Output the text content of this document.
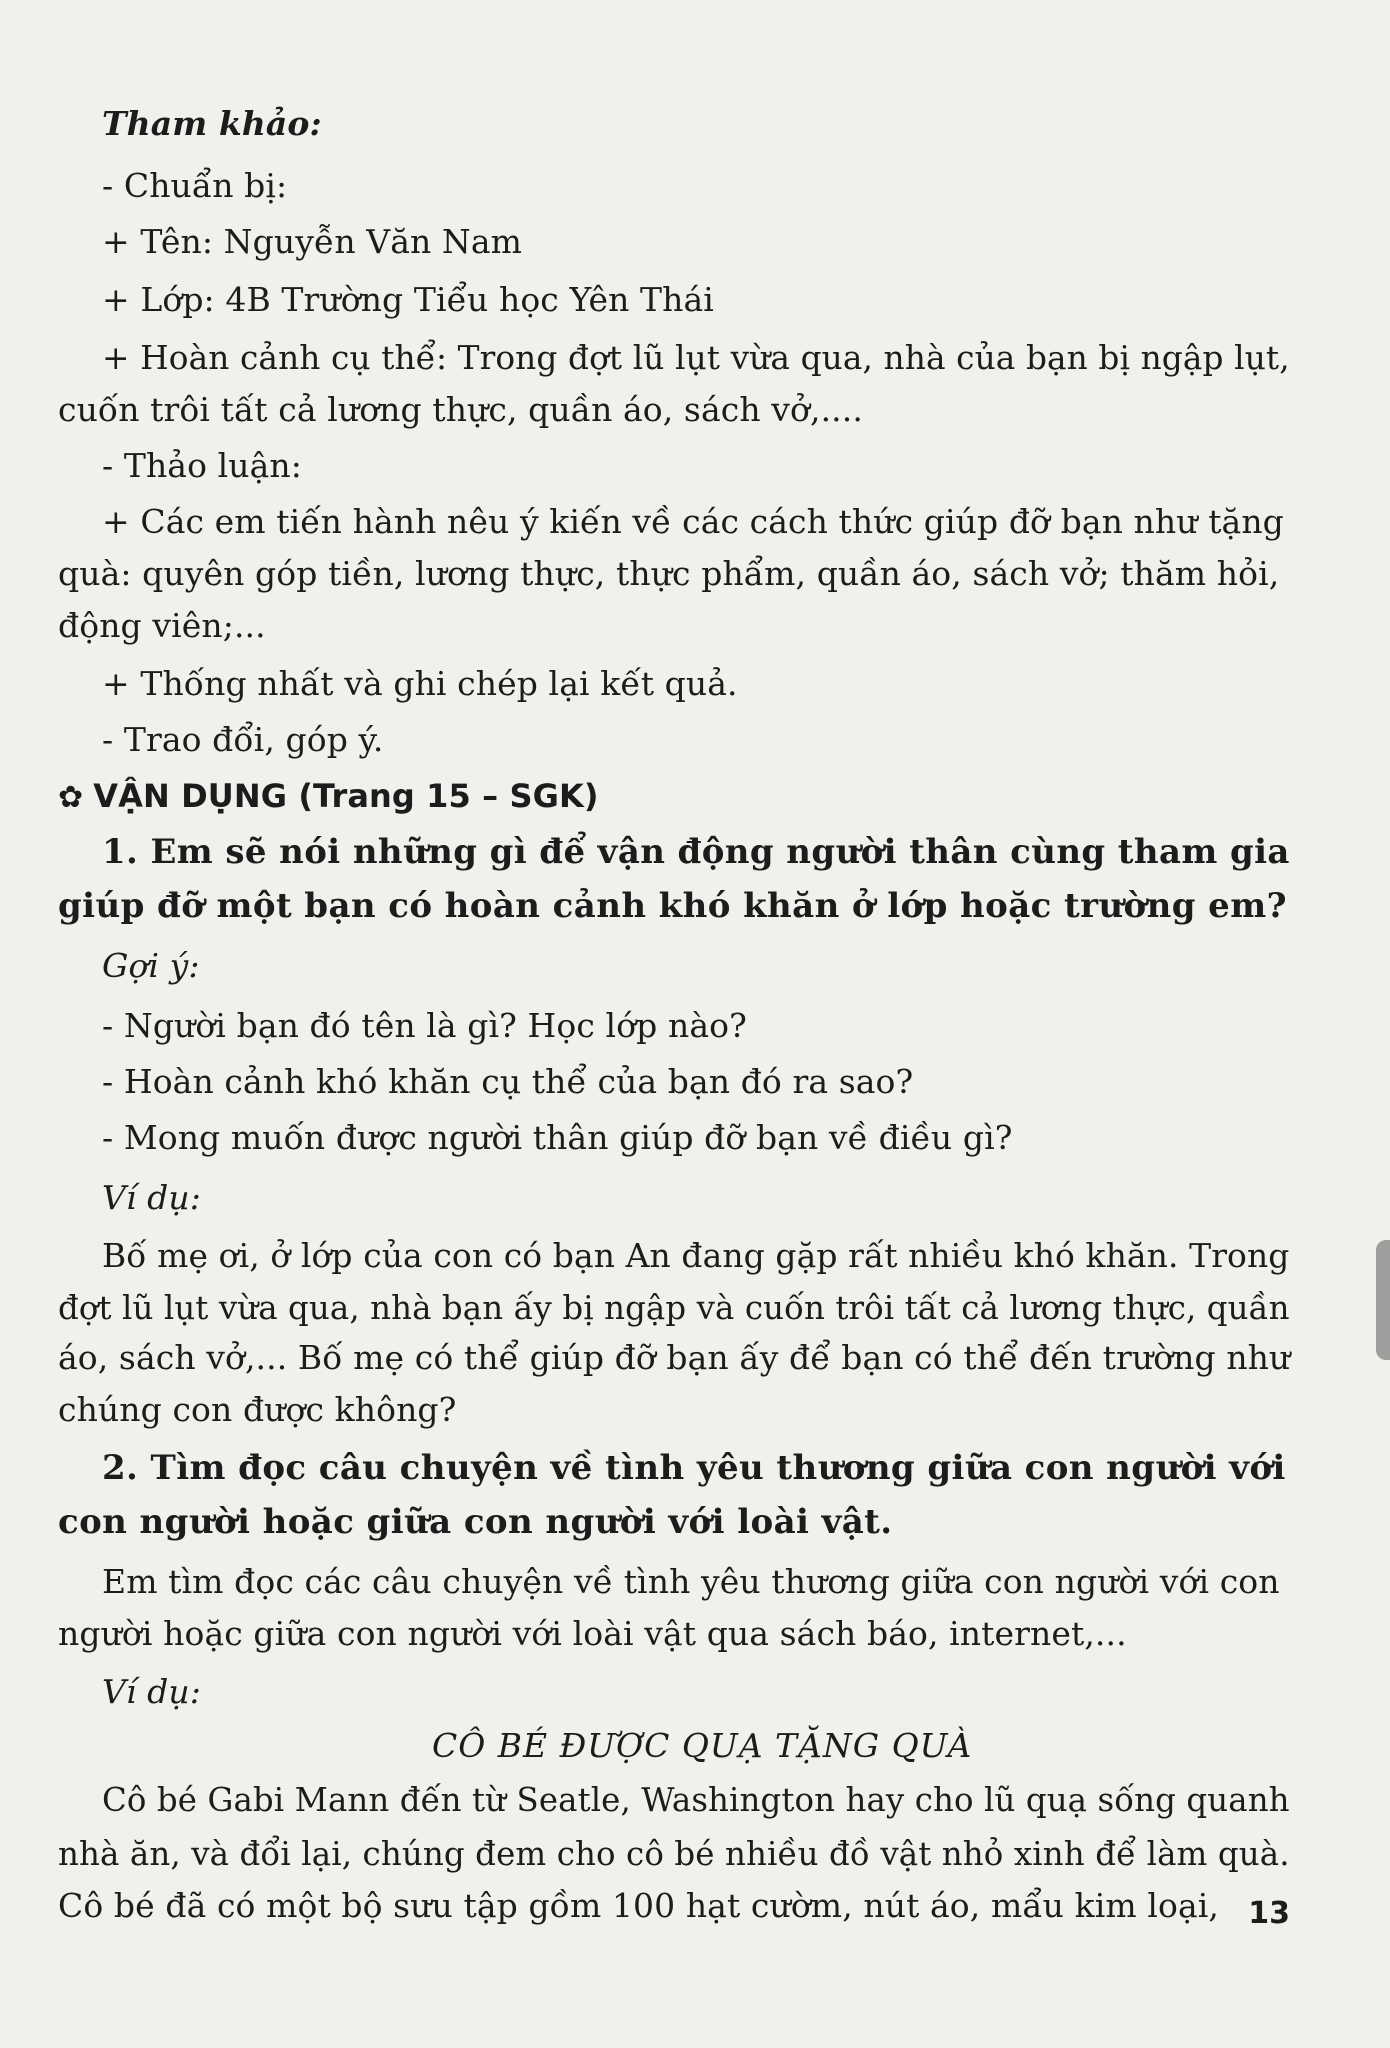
Tham khảo:
- Chuẩn bị:
+ Tên: Nguyễn Văn Nam
+ Lớp: 4B Trường Tiểu học Yên Thái
+ Hoàn cảnh cụ thể: Trong đợt lũ lụt vừa qua, nhà của bạn bị ngập lụt,
cuốn trôi tất cả lương thực, quần áo, sách vở,....
- Thảo luận:
+ Các em tiến hành nêu ý kiến về các cách thức giúp đỡ bạn như tặng
quà: quyên góp tiền, lương thực, thực phẩm, quần áo, sách vở; thăm hỏi,
động viên;...
+ Thống nhất và ghi chép lại kết quả.
- Trao đổi, góp ý.
✿ VẬN DỤNG (Trang 15 – SGK)
1. Em sẽ nói những gì để vận động người thân cùng tham gia
giúp đỡ một bạn có hoàn cảnh khó khăn ở lớp hoặc trường em?
Gợi ý:
- Người bạn đó tên là gì? Học lớp nào?
- Hoàn cảnh khó khăn cụ thể của bạn đó ra sao?
- Mong muốn được người thân giúp đỡ bạn về điều gì?
Ví dụ:
Bố mẹ ơi, ở lớp của con có bạn An đang gặp rất nhiều khó khăn. Trong
đợt lũ lụt vừa qua, nhà bạn ấy bị ngập và cuốn trôi tất cả lương thực, quần
áo, sách vở,... Bố mẹ có thể giúp đỡ bạn ấy để bạn có thể đến trường như
chúng con được không?
2. Tìm đọc câu chuyện về tình yêu thương giữa con người với
con người hoặc giữa con người với loài vật.
Em tìm đọc các câu chuyện về tình yêu thương giữa con người với con
người hoặc giữa con người với loài vật qua sách báo, internet,...
Ví dụ:
CÔ BÉ ĐƯỢC QUẠ TẶNG QUÀ
Cô bé Gabi Mann đến từ Seatle, Washington hay cho lũ quạ sống quanh
nhà ăn, và đổi lại, chúng đem cho cô bé nhiều đồ vật nhỏ xinh để làm quà.
Cô bé đã có một bộ sưu tập gồm 100 hạt cườm, nút áo, mẩu kim loại, 13
